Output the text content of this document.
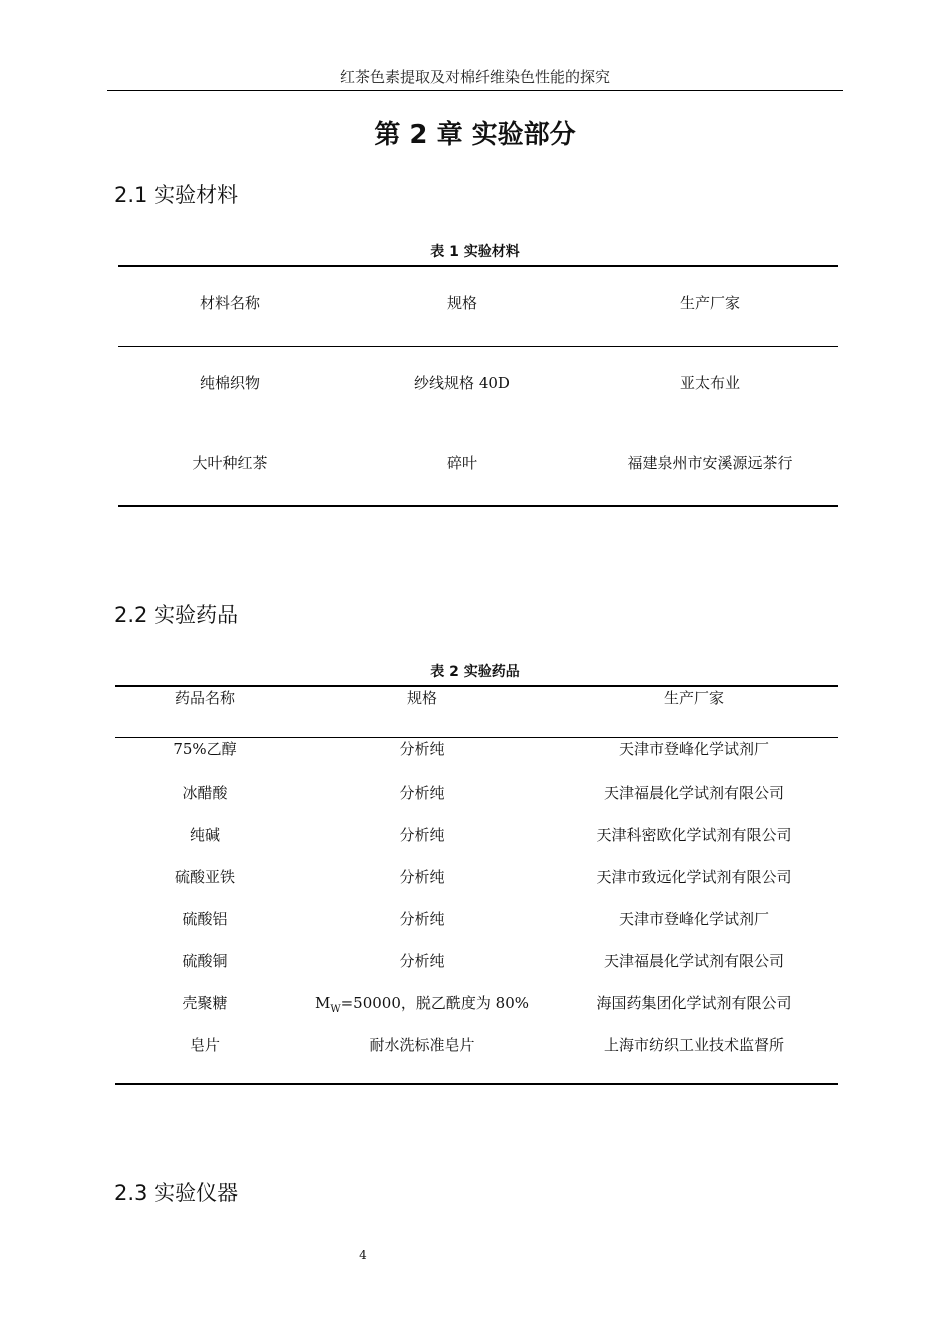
红茶色素提取及对棉纤维染色性能的探究
第 2 章 实验部分
2.1 实验材料
表 1 实验材料
材料名称	规格	生产厂家
纯棉织物	纱线规格 40D	亚太布业
大叶种红茶	碎叶	福建泉州市安溪源远茶行
2.2 实验药品
表 2 实验药品
药品名称	规格	生产厂家
75%乙醇	分析纯	天津市登峰化学试剂厂
冰醋酸	分析纯	天津福晨化学试剂有限公司
纯碱	分析纯	天津科密欧化学试剂有限公司
硫酸亚铁	分析纯	天津市致远化学试剂有限公司
硫酸铝	分析纯	天津市登峰化学试剂厂
硫酸铜	分析纯	天津福晨化学试剂有限公司
壳聚糖	$M_W=50000$，脱乙酰度为 80%	海国药集团化学试剂有限公司
皂片	耐水洗标准皂片	上海市纺织工业技术监督所
2.3 实验仪器
4
